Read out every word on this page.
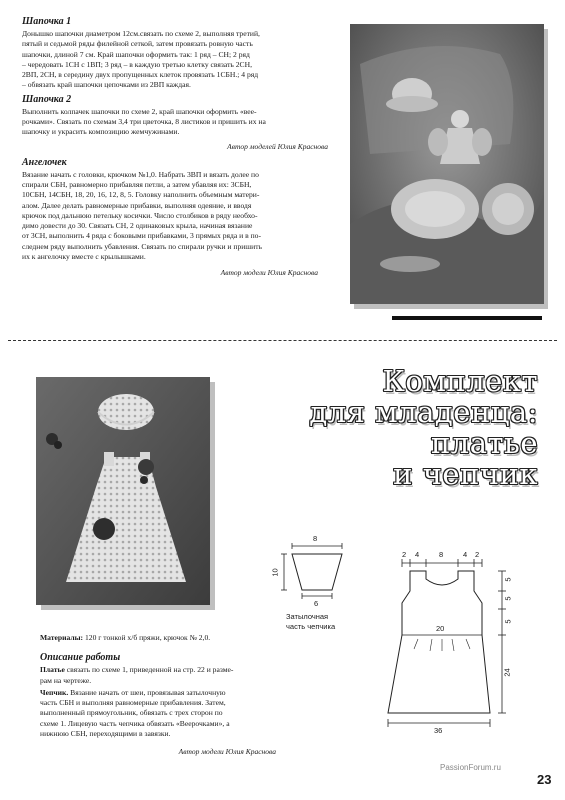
Шапочка 1
Донышко шапочки диаметром 12см.связать по схеме 2, выполняя третий,
пятый и седьмой ряды филейной сеткой, затем провязать ровную часть
шапочки, длиной 7 см. Край шапочки оформить так: 1 ряд – СН; 2 ряд
– чередовать 1СН с 1ВП; 3 ряд – в каждую третью клетку связать 2СН,
2ВП, 2СН, в середину двух пропущенных клеток провязать 1СБН.; 4 ряд
– обвязать край шапочки цепочками из 2ВП каждая.
Шапочка 2
Выполнить колпачек шапочки по схеме 2, край шапочки оформить «вее-
рочками». Связать по схемам 3,4 три цветочка, 8 листиков и пришить их на
шапочку и украсить композицию жемчужинами.
Автор моделей Юлия Краснова
Ангелочек
Вязание начать с головки, крючком №1,0. Набрать 3ВП и вязать долее по
спирали СБН, равномерно прибавляя петли, а затем убавляя их: 3СБН,
10СБН, 14СБН, 18, 20, 16, 12, 8, 5. Головку наполнить объемным матери-
алом. Далее делать равномерные прибавки, выполняя одеяние, и вводя
крючок под дальнюю петельку косички. Число столбиков в ряду необхо-
димо довести до 30. Связать СН, 2 одинаковых крыла, начиная вязание
от 3СН, выполнить 4 ряда с боковыми прибавками, 3 прямых ряда и в по-
следнем ряду выполнить убавления. Связать по спирали ручки и пришить
их к ангелочку вместе с крылышками.
Автор модели Юлия Краснова
Комплект
для младенца:
платье
и чепчик
Материалы: 120 г тонкой х/б пряжи, крючок № 2,0.
Описание работы
Платье связать по схеме 1, приведенной на стр. 22 и разме-
рам на чертеже.
Чепчик. Вязание начать от шеи, провязывая затылочную
часть СБН и выполняя равномерные прибавления. Затем,
выполненный прямоугольник, обвязать с трех сторон по
схеме 1. Лицевую часть чепчика обвязать «Веерочками», а
нижнюю СБН, переходящими в завязки.
Автор модели Юлия Краснова
8
10
6
Затылочная
часть чепчика
2 4	8	4 2
5
5
5
24
20
36
PassionForum.ru
23
